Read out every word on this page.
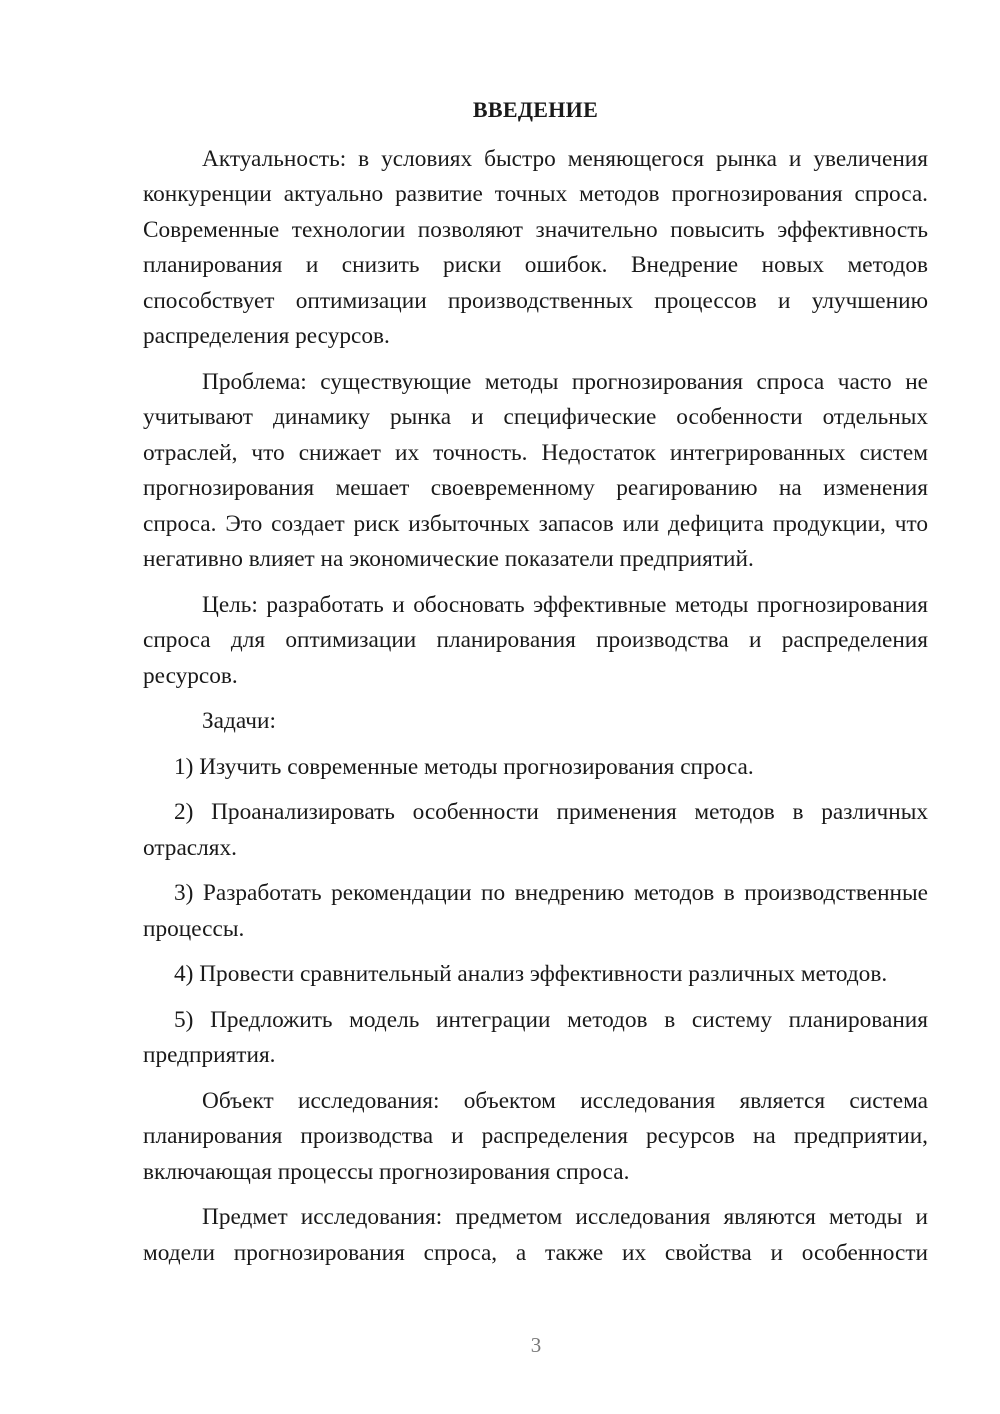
ВВЕДЕНИЕ

Актуальность: в условиях быстро меняющегося рынка и увеличения конкуренции актуально развитие точных методов прогнозирования спроса. Современные технологии позволяют значительно повысить эффективность планирования и снизить риски ошибок. Внедрение новых методов способствует оптимизации производственных процессов и улучшению распределения ресурсов.

Проблема: существующие методы прогнозирования спроса часто не учитывают динамику рынка и специфические особенности отдельных отраслей, что снижает их точность. Недостаток интегрированных систем прогнозирования мешает своевременному реагированию на изменения спроса. Это создает риск избыточных запасов или дефицита продукции, что негативно влияет на экономические показатели предприятий.

Цель: разработать и обосновать эффективные методы прогнозирования спроса для оптимизации планирования производства и распределения ресурсов.

Задачи:

1) Изучить современные методы прогнозирования спроса.

2) Проанализировать особенности применения методов в различных отраслях.

3) Разработать рекомендации по внедрению методов в производственные процессы.

4) Провести сравнительный анализ эффективности различных методов.

5) Предложить модель интеграции методов в систему планирования предприятия.

Объект исследования: объектом исследования является система планирования производства и распределения ресурсов на предприятии, включающая процессы прогнозирования спроса.

Предмет исследования: предметом исследования являются методы и модели прогнозирования спроса, а также их свойства и особенности

3
